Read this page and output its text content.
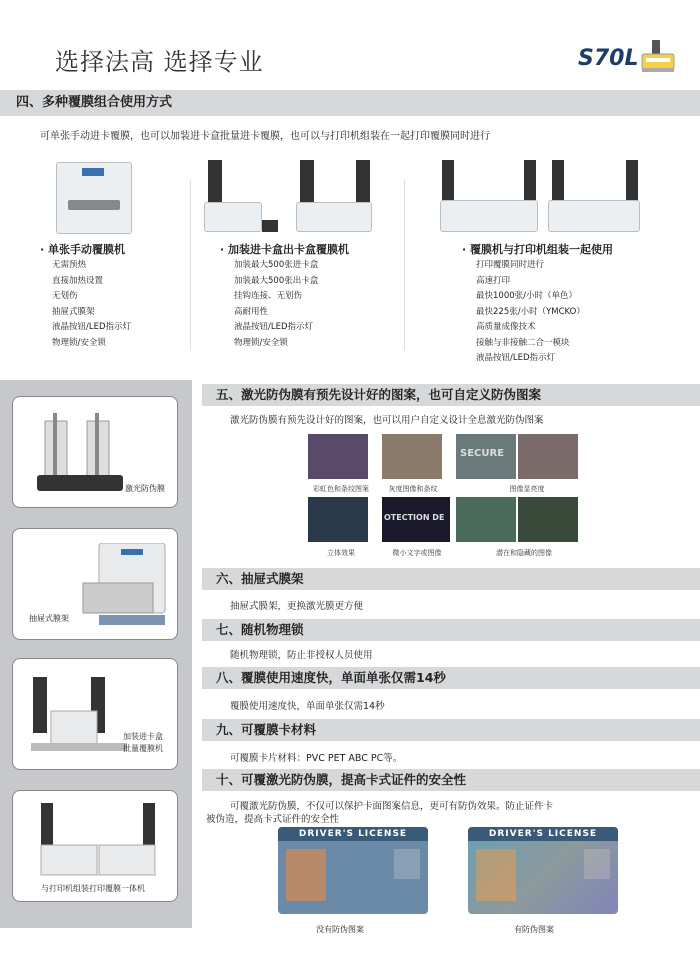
选择法高 选择专业	S70L
四、多种覆膜组合使用方式
可单张手动进卡覆膜，也可以加装进卡盒批量进卡覆膜，也可以与打印机组装在一起打印覆膜同时进行
· 单张手动覆膜机
无需预热
直接加热设置
无划伤
抽屉式膜架
液晶按钮/LED指示灯
物理锁/安全锁
· 加装进卡盒出卡盒覆膜机
加装最大500张进卡盒
加装最大500张出卡盒
挂钩连接、无划伤
高耐用性
液晶按钮/LED指示灯
物理锁/安全锁
· 覆膜机与打印机组装一起使用
打印覆膜同时进行
高速打印
最快1000张/小时（单色）
最快225张/小时（YMCKO）
高质量成像技术
接触与非接触二合一模块
液晶按钮/LED指示灯
激光防伪膜
抽屉式膜架
加装进卡盒
批量覆膜机
与打印机组装打印覆膜一体机
五、激光防伪膜有预先设计好的图案，也可自定义防伪图案
激光防伪膜有预先设计好的图案，也可以用户自定义设计全息激光防伪图案
SECURE
彩虹色和条纹图案	灰度图像和条纹	图像显亮度
OTECTION DE
立体效果	微小文字或图像	潜在和隐藏的图像
六、抽屉式膜架
抽屉式膜架，更换激光膜更方便
七、随机物理锁
随机物理锁，防止非授权人员使用
八、覆膜使用速度快，单面单张仅需14秒
覆膜使用速度快，单面单张仅需14秒
九、可覆膜卡材料
可覆膜卡片材料：PVC PET ABC PC等。
十、可覆激光防伪膜，提高卡式证件的安全性
可覆激光防伪膜，不仅可以保护卡面图案信息，更可有防伪效果。防止证件卡
被伪造，提高卡式证件的安全性
DRIVER'S LICENSE
没有防伪图案
DRIVER'S LICENSE
有防伪图案
